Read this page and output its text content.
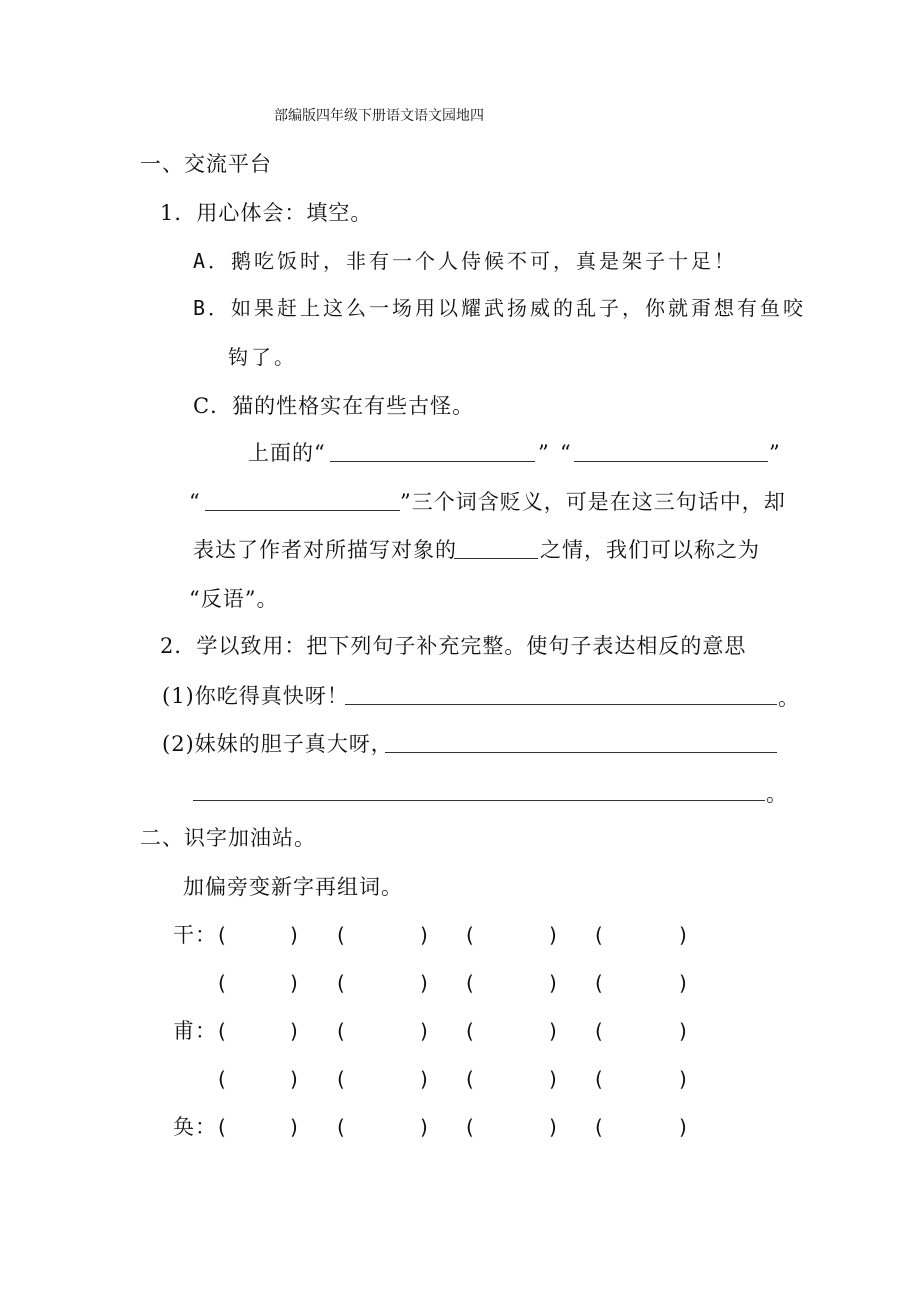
部编版四年级下册语文语文园地四
一、交流平台
1．用心体会：填空。
A．鹅吃饭时，非有一个人侍候不可，真是架子十足！
B．如果赶上这么一场用以耀武扬威的乱子，你就甭想有鱼咬
钩了。
C．猫的性格实在有些古怪。
上面的“	” “	”
“	”三个词含贬义，可是在这三句话中，却
表达了作者对所描写对象的	之情，我们可以称之为
“反语”。
2．学以致用：把下列句子补充完整。使句子表达相反的意思
(1)你吃得真快呀！	。
(2)妹妹的胆子真大呀，
。
二、识字加油站。
加偏旁变新字再组词。
干： (	) (	) (	) (	)
(	) (	) (	) (	)
甫： (	) (	) (	) (	)
(	) (	) (	) (	)
奂： (	) (	) (	) (	)
